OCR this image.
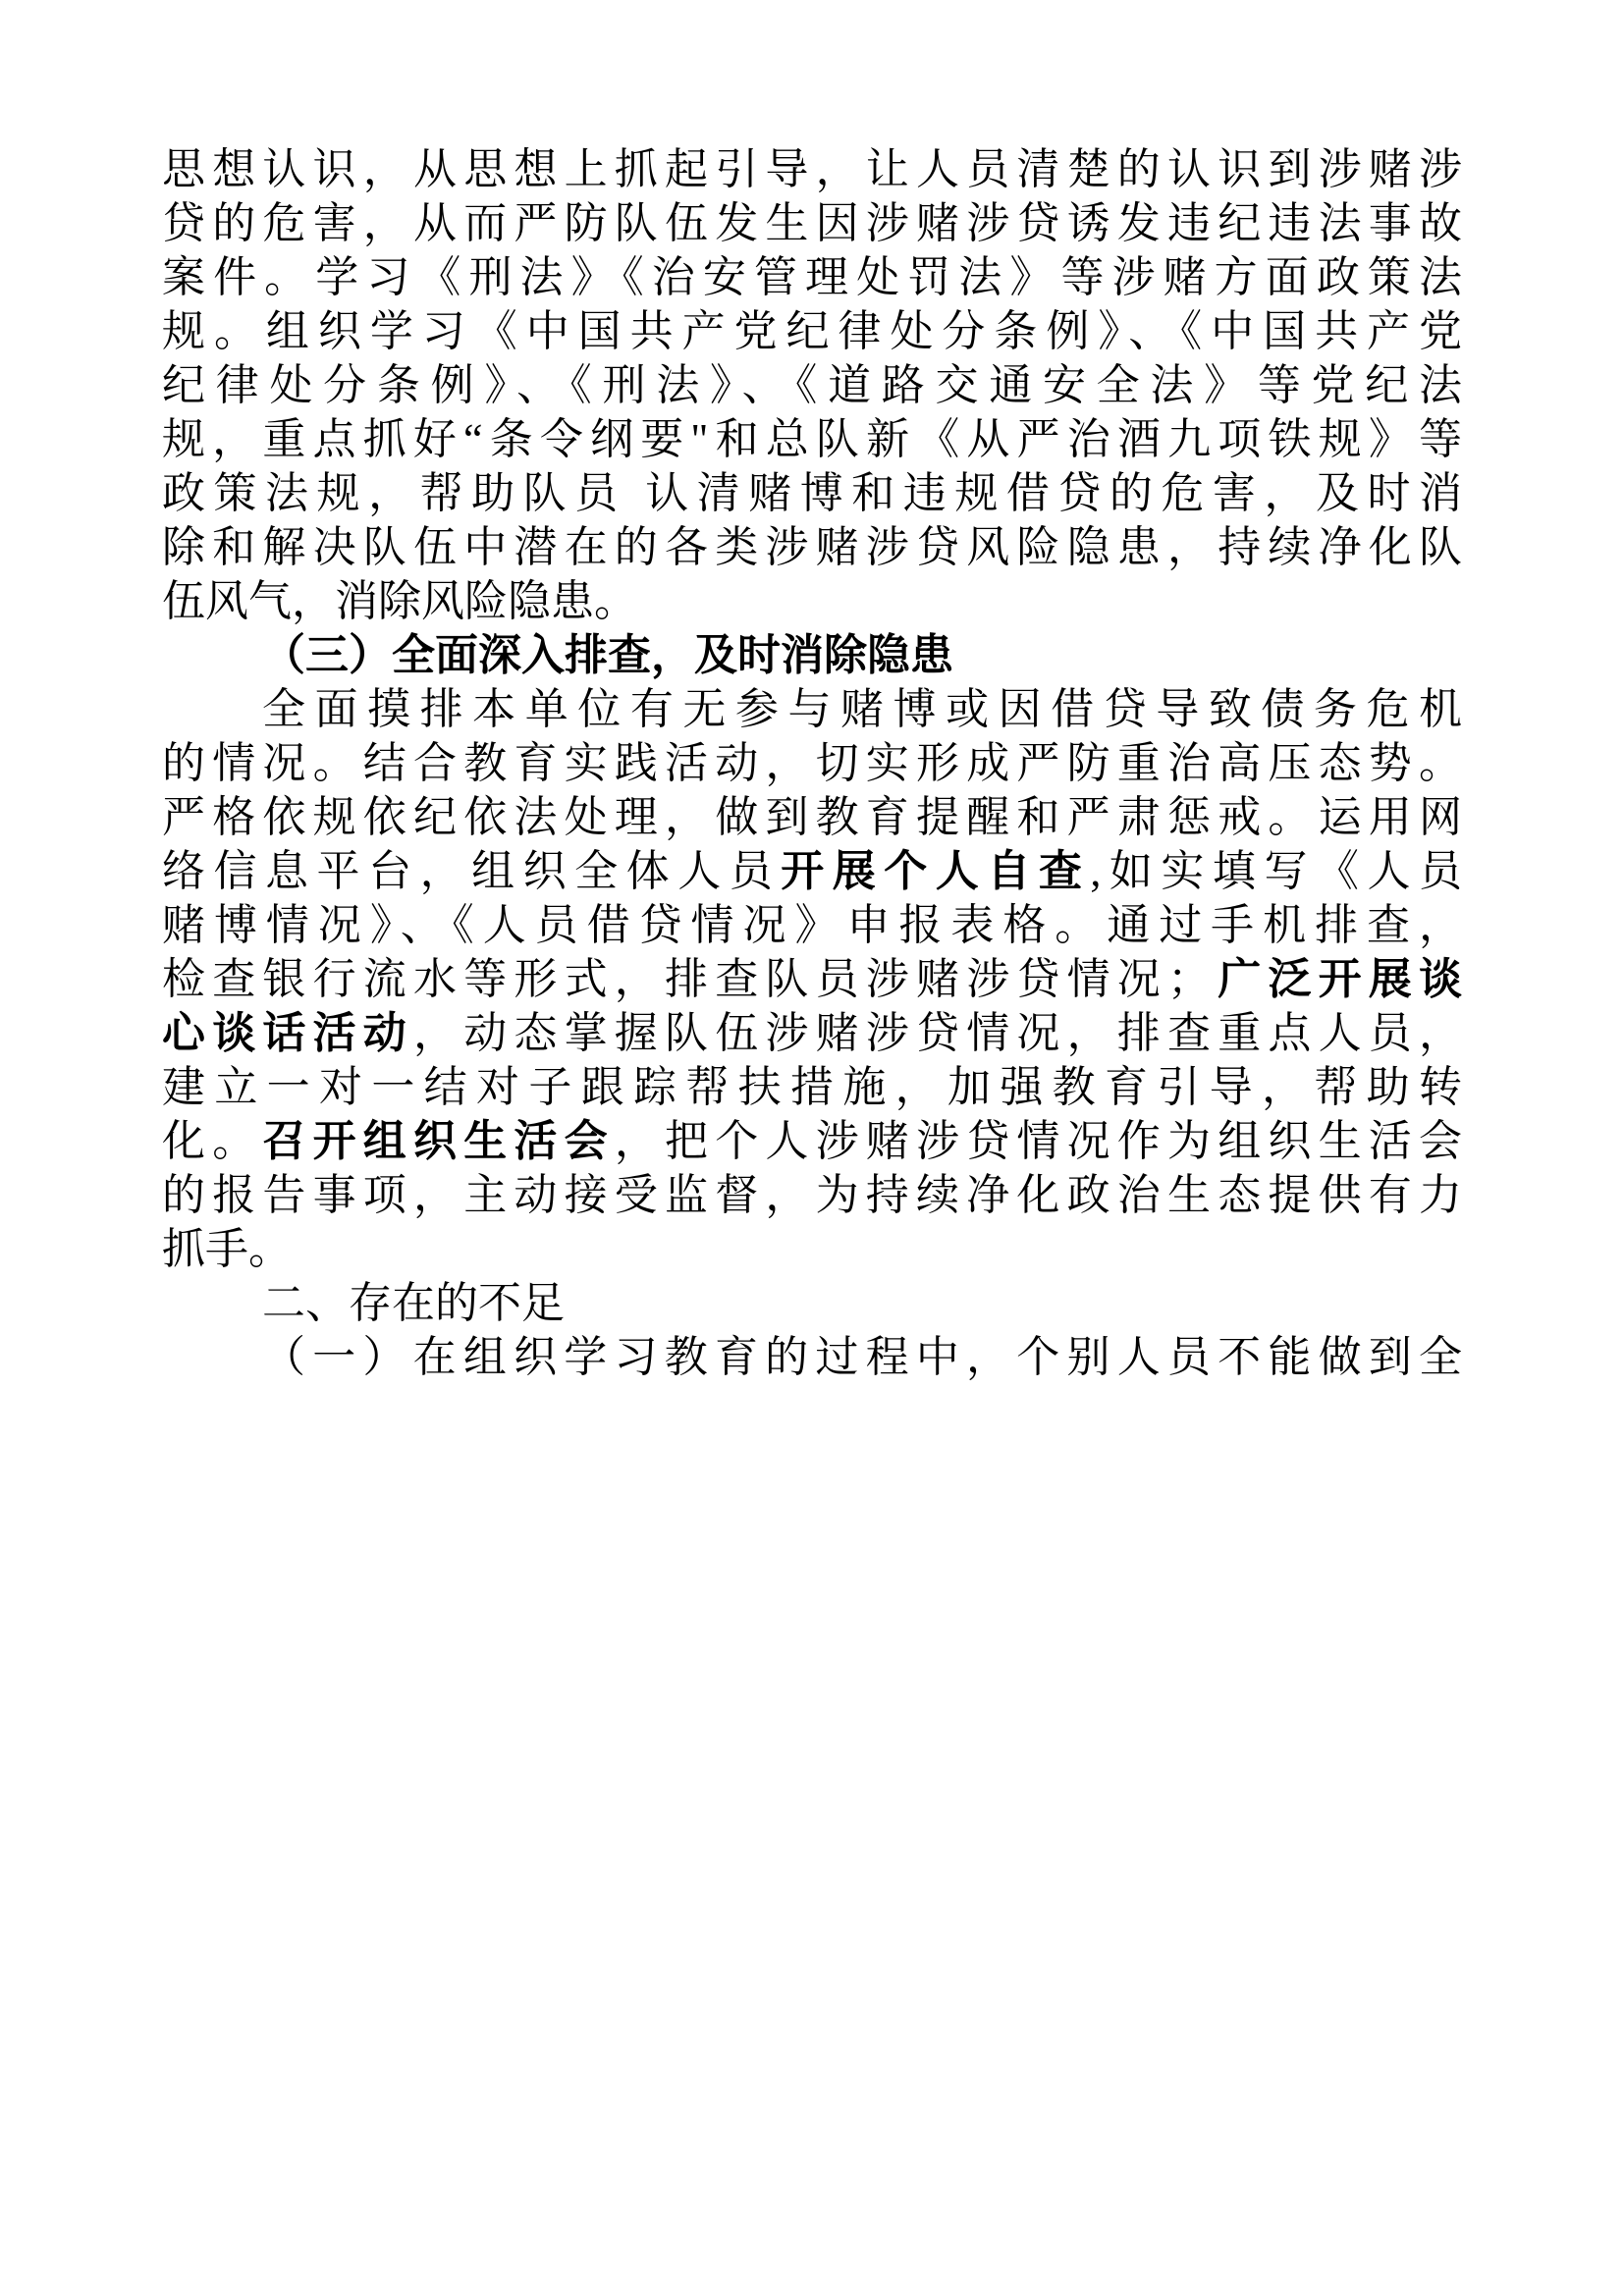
思想认识，从思想上抓起引导，让人员清楚的认识到涉赌涉
贷的危害，从而严防队伍发生因涉赌涉贷诱发违纪违法事故
案件。学习《刑法》《治安管理处罚法》等涉赌方面政策法
规。组织学习《中国共产党纪律处分条例》、《中国共产党
纪律处分条例》、《刑法》、《道路交通安全法》等党纪法
规，重点抓好“条令纲要"和总队新《从严治酒九项铁规》等
政策法规，帮助队员 认清赌博和违规借贷的危害，及时消
除和解决队伍中潜在的各类涉赌涉贷风险隐患，持续净化队
伍风气，消除风险隐患。
（三）全面深入排查，及时消除隐患
全面摸排本单位有无参与赌博或因借贷导致债务危机
的情况。结合教育实践活动，切实形成严防重治高压态势。
严格依规依纪依法处理，做到教育提醒和严肃惩戒。运用网
络信息平台，组织全体人员开展个人自查,如实填写《人员
赌博情况》、《人员借贷情况》申报表格。通过手机排查，
检查银行流水等形式，排查队员涉赌涉贷情况；广泛开展谈
心谈话活动，动态掌握队伍涉赌涉贷情况，排查重点人员，
建立一对一结对子跟踪帮扶措施，加强教育引导，帮助转
化。召开组织生活会，把个人涉赌涉贷情况作为组织生活会
的报告事项，主动接受监督，为持续净化政治生态提供有力
抓手。
二、存在的不足
（一）在组织学习教育的过程中，个别人员不能做到全
